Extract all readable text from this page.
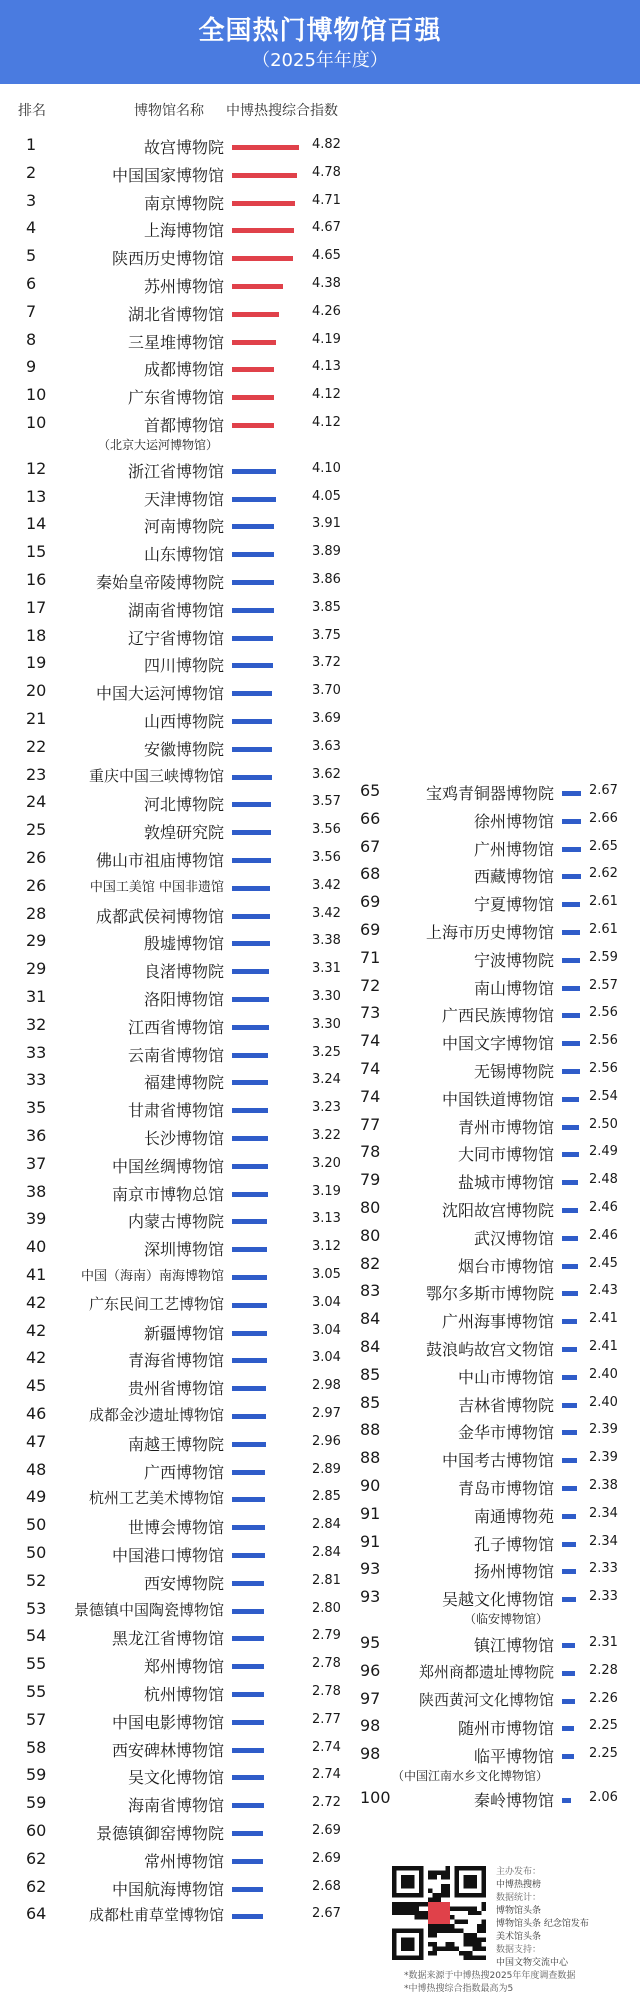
全国热门博物馆百强
（2025年年度）
排名	博物馆名称 中博热搜综合指数
1	故宫博物院	4.82
2	中国国家博物馆	4.78
3	南京博物院	4.71
4	上海博物馆	4.67
5	陕西历史博物馆	4.65
6	苏州博物馆	4.38
7	湖北省博物馆	4.26
8	三星堆博物馆	4.19
9	成都博物馆	4.13
10	广东省博物馆	4.12
10	首都博物馆	4.12
（北京大运河博物馆）
12	浙江省博物馆	4.10
13	天津博物馆	4.05
14	河南博物院	3.91
15	山东博物馆	3.89
16	秦始皇帝陵博物院	3.86
17	湖南省博物馆	3.85
18	辽宁省博物馆	3.75
19	四川博物院	3.72
20	中国大运河博物馆	3.70
21	山西博物院	3.69
22	安徽博物院	3.63
23	重庆中国三峡博物馆	3.62
24	河北博物院	3.57
25	敦煌研究院	3.56
26	佛山市祖庙博物馆	3.56
26	中国工美馆 中国非遗馆	3.42
28	成都武侯祠博物馆	3.42
29	殷墟博物馆	3.38
29	良渚博物院	3.31
31	洛阳博物馆	3.30
32	江西省博物馆	3.30
33	云南省博物馆	3.25
33	福建博物院	3.24
35	甘肃省博物馆	3.23
36	长沙博物馆	3.22
37	中国丝绸博物馆	3.20
38	南京市博物总馆	3.19
39	内蒙古博物院	3.13
40	深圳博物馆	3.12
41	中国（海南）南海博物馆	3.05
42	广东民间工艺博物馆	3.04
42	新疆博物馆	3.04
42	青海省博物馆	3.04
45	贵州省博物馆	2.98
46	成都金沙遗址博物馆	2.97
47	南越王博物院	2.96
48	广西博物馆	2.89
49	杭州工艺美术博物馆	2.85
50	世博会博物馆	2.84
50	中国港口博物馆	2.84
52	西安博物院	2.81
53 景德镇中国陶瓷博物馆	2.80
54	黑龙江省博物馆	2.79
55	郑州博物馆	2.78
55	杭州博物馆	2.78
57	中国电影博物馆	2.77
58	西安碑林博物馆	2.74
59	吴文化博物馆	2.74
59	海南省博物馆	2.72
60	景德镇御窑博物院	2.69
62	常州博物馆	2.69
62	中国航海博物馆	2.68
64	成都杜甫草堂博物馆	2.67
65	宝鸡青铜器博物院	2.67
66	徐州博物馆	2.66
67	广州博物馆	2.65
68	西藏博物馆	2.62
69	宁夏博物馆	2.61
69	上海市历史博物馆	2.61
71	宁波博物院	2.59
72	南山博物馆	2.57
73	广西民族博物馆	2.56
74	中国文字博物馆	2.56
74	无锡博物院	2.56
74	中国铁道博物馆	2.54
77	青州市博物馆	2.50
78	大同市博物馆	2.49
79	盐城市博物馆	2.48
80	沈阳故宫博物院	2.46
80	武汉博物馆	2.46
82	烟台市博物馆	2.45
83	鄂尔多斯市博物院	2.43
84	广州海事博物馆	2.41
84	鼓浪屿故宫文物馆	2.41
85	中山市博物馆	2.40
85	吉林省博物院	2.40
88	金华市博物馆	2.39
88	中国考古博物馆	2.39
90	青岛市博物馆	2.38
91	南通博物苑	2.34
91	孔子博物馆	2.34
93	扬州博物馆	2.33
93	吴越文化博物馆	2.33
（临安博物馆）
95	镇江博物馆	2.31
96	郑州商都遗址博物院	2.28
97	陕西黄河文化博物馆	2.26
98	随州市博物馆	2.25
98	临平博物馆	2.25
（中国江南水乡文化博物馆）
100	秦岭博物馆	2.06
主办发布：
中博热搜榜
数据统计：
博物馆头条
博物馆头条 纪念馆发布
美术馆头条
数据支持：
中国文物交流中心
*数据来源于中博热搜2025年年度调查数据
*中博热搜综合指数最高为5
